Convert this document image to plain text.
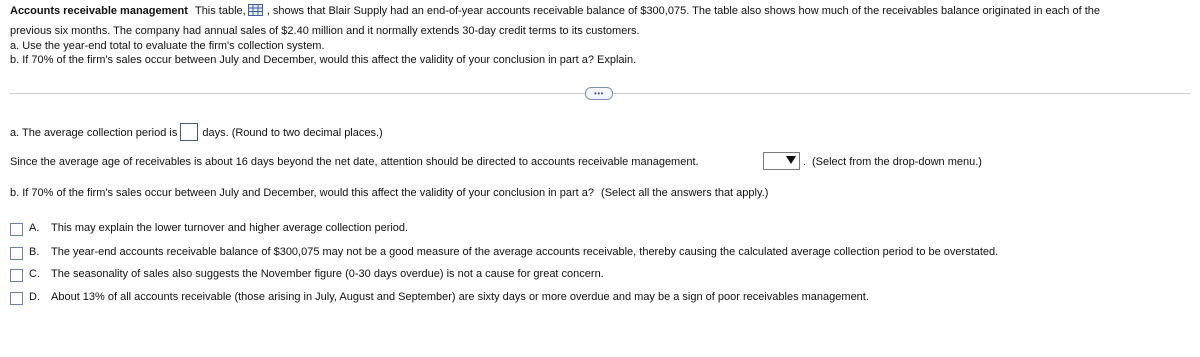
Accounts receivable management This table, , shows that Blair Supply had an end-of-year accounts receivable balance of $300,075. The table also shows how much of the receivables balance originated in each of the
previous six months. The company had annual sales of $2.40 million and it normally extends 30-day credit terms to its customers.
a. Use the year-end total to evaluate the firm's collection system.
b. If 70% of the firm's sales occur between July and December, would this affect the validity of your conclusion in part a? Explain.
•••
a. The average collection period is days. (Round to two decimal places.)
Since the average age of receivables is about 16 days beyond the net date, attention should be directed to accounts receivable management.	. (Select from the drop-down menu.)
b. If 70% of the firm's sales occur between July and December, would this affect the validity of your conclusion in part a? (Select all the answers that apply.)
A. This may explain the lower turnover and higher average collection period.
B. The year-end accounts receivable balance of $300,075 may not be a good measure of the average accounts receivable, thereby causing the calculated average collection period to be overstated.
C. The seasonality of sales also suggests the November figure (0-30 days overdue) is not a cause for great concern.
D. About 13% of all accounts receivable (those arising in July, August and September) are sixty days or more overdue and may be a sign of poor receivables management.
